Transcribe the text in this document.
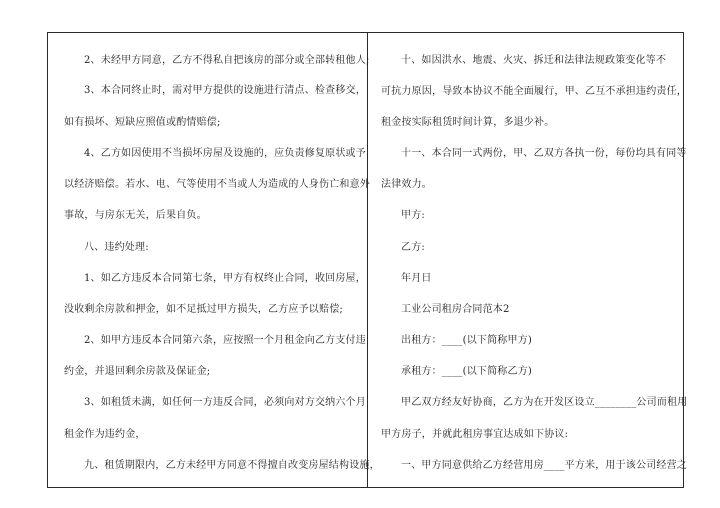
2、未经甲方同意，乙方不得私自把该房的部分或全部转租他人;
3、本合同终止时，需对甲方提供的设施进行清点、检查移交，
如有损坏、短缺应照值或酌情赔偿;
4、乙方如因使用不当损坏房屋及设施的，应负责修复原状或予
以经济赔偿。若水、电、气等使用不当或人为造成的人身伤亡和意外
事故，与房东无关，后果自负。
八、违约处理:
1、如乙方违反本合同第七条，甲方有权终止合同，收回房屋，
没收剩余房款和押金，如不足抵过甲方损失，乙方应予以赔偿;
2、如甲方违反本合同第六条，应按照一个月租金向乙方支付违
约金，并退回剩余房款及保证金;
3、如租赁未满，如任何一方违反合同，必须向对方交纳六个月
租金作为违约金，
九、租赁期限内，乙方未经甲方同意不得擅自改变房屋结构设施，
十、如因洪水、地震、火灾、拆迁和法律法规政策变化等不
可抗力原因，导致本协议不能全面履行，甲、乙互不承担违约责任，
租金按实际租赁时间计算，多退少补。
十一、本合同一式两份，甲、乙双方各执一份，每份均具有同等
法律效力。
甲方:
乙方:
年月日
工业公司租房合同范本2
出租方：____(以下简称甲方)
承租方：____(以下简称乙方)
甲乙双方经友好协商，乙方为在开发区设立________公司而租用
甲方房子，并就此租房事宜达成如下协议:
一、甲方同意供给乙方经营用房____平方米，用于该公司经营之
